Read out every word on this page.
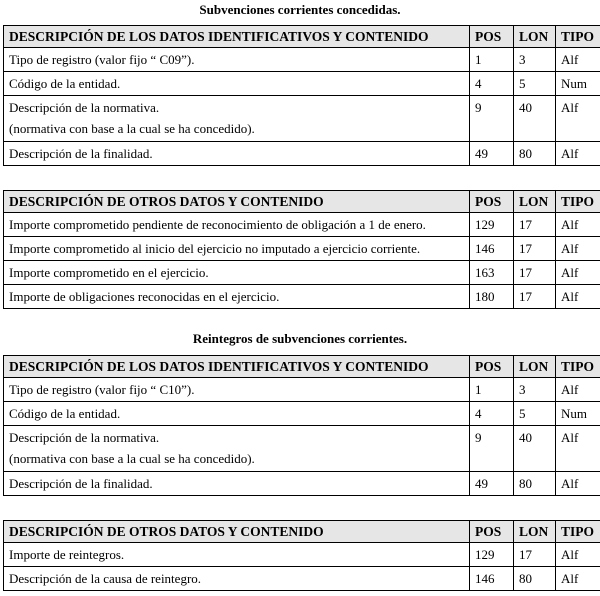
Subvenciones corrientes concedidas.
DESCRIPCIÓN DE LOS DATOS IDENTIFICATIVOS Y CONTENIDO	POS	LON	TIPO
Tipo de registro (valor fijo “ C09”).	1	3	Alf
Código de la entidad.	4	5	Num

Descripción de la normativa.
(normativa con base a la cual se ha concedido).	9	40	Alf
Descripción de la finalidad.	49	80	Alf
DESCRIPCIÓN DE OTROS DATOS Y CONTENIDO	POS	LON	TIPO
Importe comprometido pendiente de reconocimiento de obligación a 1 de enero.	129	17	Alf
Importe comprometido al inicio del ejercicio no imputado a ejercicio corriente.	146	17	Alf
Importe comprometido en el ejercicio.	163	17	Alf
Importe de obligaciones reconocidas en el ejercicio.	180	17	Alf
Reintegros de subvenciones corrientes.
DESCRIPCIÓN DE LOS DATOS IDENTIFICATIVOS Y CONTENIDO	POS	LON	TIPO
Tipo de registro (valor fijo “ C10”).	1	3	Alf
Código de la entidad.	4	5	Num

Descripción de la normativa.
(normativa con base a la cual se ha concedido).	9	40	Alf
Descripción de la finalidad.	49	80	Alf
DESCRIPCIÓN DE OTROS DATOS Y CONTENIDO	POS	LON	TIPO
Importe de reintegros.	129	17	Alf
Descripción de la causa de reintegro.	146	80	Alf
